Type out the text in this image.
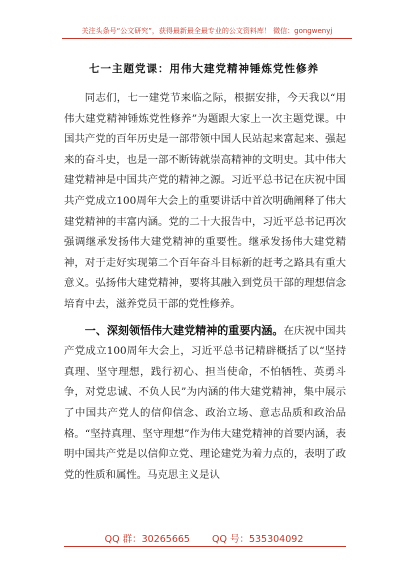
关注头条号“公文研究”，获得最新最全最专业的公文资料库！ 微信：gongwenyj
七一主题党课：用伟大建党精神锤炼党性修养

同志们，七一建党节来临之际，根据安排，今天我以“用伟大建党精神锤炼党性修养”为题跟大家上一次主题党课。中国共产党的百年历史是一部带领中国人民站起来富起来、强起来的奋斗史，也是一部不断铸就崇高精神的文明史。其中伟大建党精神是中国共产党的精神之源。习近平总书记在庆祝中国共产党成立100周年大会上的重要讲话中首次明确阐释了伟大建党精神的丰富内涵。党的二十大报告中，习近平总书记再次强调继承发扬伟大建党精神的重要性。继承发扬伟大建党精神，对于走好实现第二个百年奋斗目标新的赶考之路具有重大意义。弘扬伟大建党精神，要将其融入到党员干部的理想信念培育中去，滋养党员干部的党性修养。

一、深刻领悟伟大建党精神的重要内涵。在庆祝中国共产党成立100周年大会上，习近平总书记精辟概括了以“坚持真理、坚守理想，践行初心、担当使命，不怕牺牲、英勇斗争，对党忠诚、不负人民”为内涵的伟大建党精神，集中展示了中国共产党人的信仰信念、政治立场、意志品质和政治品格。“坚持真理、坚守理想”作为伟大建党精神的首要内涵，表明中国共产党是以信仰立党、理论建党为着力点的，表明了政党的性质和属性。马克思主义是认

QQ 群：30265665 QQ 号：535304092
